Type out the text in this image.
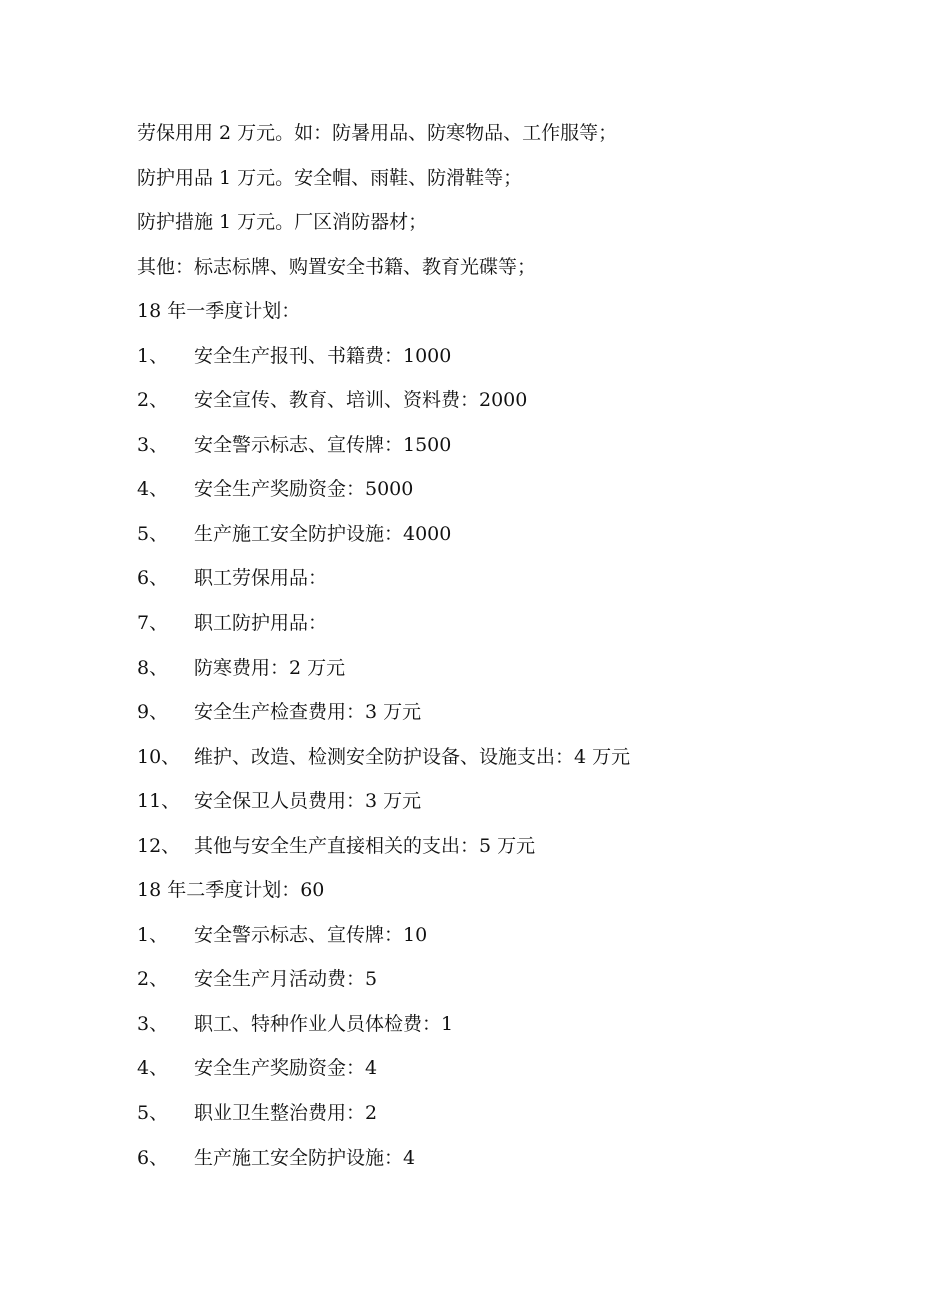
劳保用用 2 万元。如：防暑用品、防寒物品、工作服等；
防护用品 1 万元。安全帽、雨鞋、防滑鞋等；
防护措施 1 万元。厂区消防器材；
其他：标志标牌、购置安全书籍、教育光碟等；
18 年一季度计划：
1、 安全生产报刊、书籍费：1000
2、 安全宣传、教育、培训、资料费：2000
3、 安全警示标志、宣传牌：1500
4、 安全生产奖励资金：5000
5、 生产施工安全防护设施：4000
6、 职工劳保用品：
7、 职工防护用品：
8、 防寒费用：2 万元
9、 安全生产检查费用：3 万元
10、 维护、改造、检测安全防护设备、设施支出：4 万元
11、 安全保卫人员费用：3 万元
12、 其他与安全生产直接相关的支出：5 万元
18 年二季度计划：60
1、 安全警示标志、宣传牌：10
2、 安全生产月活动费：5
3、 职工、特种作业人员体检费：1
4、 安全生产奖励资金：4
5、 职业卫生整治费用：2
6、 生产施工安全防护设施：4
